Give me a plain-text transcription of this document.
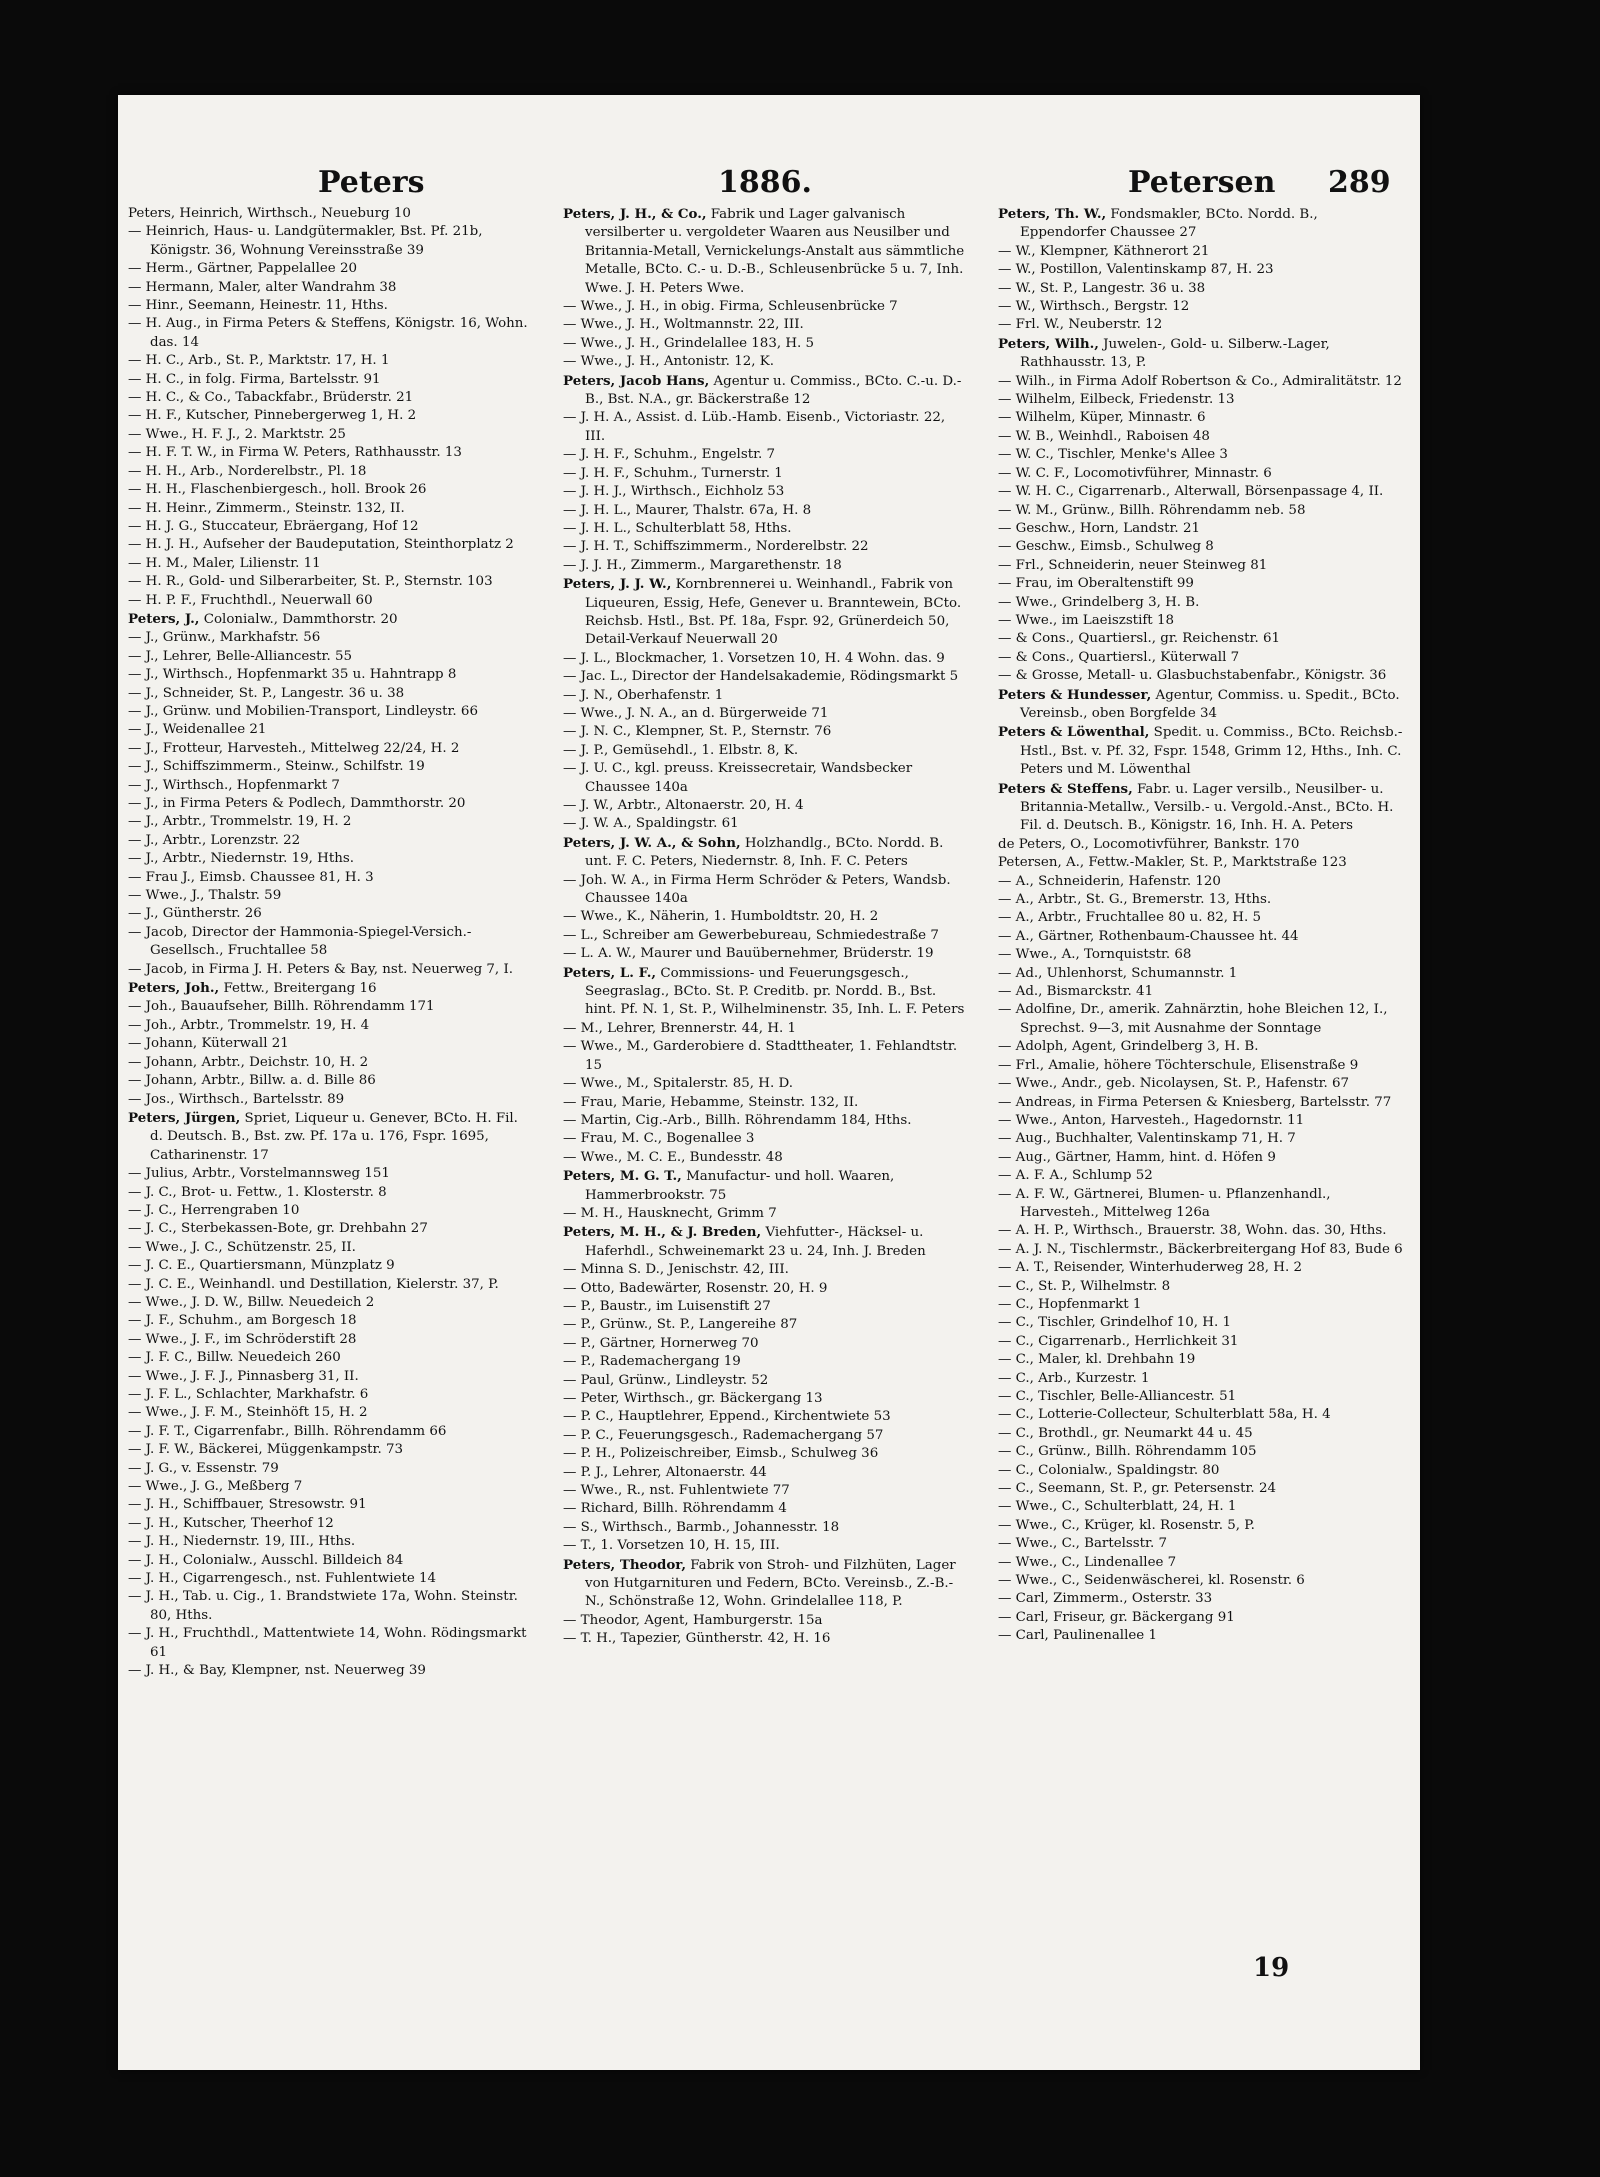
Peters	1886.	Petersen 289
Peters, Heinrich, Wirthsch., Neueburg 10
— Heinrich, Haus- u. Landgütermakler, Bst. Pf. 21b, Königstr. 36, Wohnung Vereinsstraße 39
— Herm., Gärtner, Pappelallee 20
— Hermann, Maler, alter Wandrahm 38
— Hinr., Seemann, Heinestr. 11, Hths.
— H. Aug., in Firma Peters & Steffens, Königstr. 16, Wohn. das. 14
— H. C., Arb., St. P., Marktstr. 17, H. 1
— H. C., in folg. Firma, Bartelsstr. 91
— H. C., & Co., Tabackfabr., Brüderstr. 21
— H. F., Kutscher, Pinnebergerweg 1, H. 2
— Wwe., H. F. J., 2. Marktstr. 25
— H. F. T. W., in Firma W. Peters, Rathhausstr. 13
— H. H., Arb., Norderelbstr., Pl. 18
— H. H., Flaschenbiergesch., holl. Brook 26
— H. Heinr., Zimmerm., Steinstr. 132, II.
— H. J. G., Stuccateur, Ebräergang, Hof 12
— H. J. H., Aufseher der Baudeputation, Steinthorplatz 2
— H. M., Maler, Lilienstr. 11
— H. R., Gold- und Silberarbeiter, St. P., Sternstr. 103
— H. P. F., Fruchthdl., Neuerwall 60
Peters, J., Colonialw., Dammthorstr. 20
— J., Grünw., Markhafstr. 56
— J., Lehrer, Belle-Alliancestr. 55
— J., Wirthsch., Hopfenmarkt 35 u. Hahntrapp 8
— J., Schneider, St. P., Langestr. 36 u. 38
— J., Grünw. und Mobilien-Transport, Lindleystr. 66
— J., Weidenallee 21
— J., Frotteur, Harvesteh., Mittelweg 22/24, H. 2
— J., Schiffszimmerm., Steinw., Schilfstr. 19
— J., Wirthsch., Hopfenmarkt 7
— J., in Firma Peters & Podlech, Dammthorstr. 20
— J., Arbtr., Trommelstr. 19, H. 2
— J., Arbtr., Lorenzstr. 22
— J., Arbtr., Niedernstr. 19, Hths.
— Frau J., Eimsb. Chaussee 81, H. 3
— Wwe., J., Thalstr. 59
— J., Güntherstr. 26
— Jacob, Director der Hammonia-Spiegel-Versich.-Gesellsch., Fruchtallee 58
— Jacob, in Firma J. H. Peters & Bay, nst. Neuerweg 7, I.
Peters, Joh., Fettw., Breitergang 16
— Joh., Bauaufseher, Billh. Röhrendamm 171
— Joh., Arbtr., Trommelstr. 19, H. 4
— Johann, Küterwall 21
— Johann, Arbtr., Deichstr. 10, H. 2
— Johann, Arbtr., Billw. a. d. Bille 86
— Jos., Wirthsch., Bartelsstr. 89
Peters, Jürgen, Spriet, Liqueur u. Genever, BCto. H. Fil. d. Deutsch. B., Bst. zw. Pf. 17a u. 176, Fspr. 1695, Catharinenstr. 17
— Julius, Arbtr., Vorstelmannsweg 151
— J. C., Brot- u. Fettw., 1. Klosterstr. 8
— J. C., Herrengraben 10
— J. C., Sterbekassen-Bote, gr. Drehbahn 27
— Wwe., J. C., Schützenstr. 25, II.
— J. C. E., Quartiersmann, Münzplatz 9
— J. C. E., Weinhandl. und Destillation, Kielerstr. 37, P.
— Wwe., J. D. W., Billw. Neuedeich 2
— J. F., Schuhm., am Borgesch 18
— Wwe., J. F., im Schröderstift 28
— J. F. C., Billw. Neuedeich 260
— Wwe., J. F. J., Pinnasberg 31, II.
— J. F. L., Schlachter, Markhafstr. 6
— Wwe., J. F. M., Steinhöft 15, H. 2
— J. F. T., Cigarrenfabr., Billh. Röhrendamm 66
— J. F. W., Bäckerei, Müggenkampstr. 73
— J. G., v. Essenstr. 79
— Wwe., J. G., Meßberg 7
— J. H., Schiffbauer, Stresowstr. 91
— J. H., Kutscher, Theerhof 12
— J. H., Niedernstr. 19, III., Hths.
— J. H., Colonialw., Ausschl. Billdeich 84
— J. H., Cigarrengesch., nst. Fuhlentwiete 14
— J. H., Tab. u. Cig., 1. Brandstwiete 17a, Wohn. Steinstr. 80, Hths.
— J. H., Fruchthdl., Mattentwiete 14, Wohn. Rödingsmarkt 61
— J. H., & Bay, Klempner, nst. Neuerweg 39
Peters, J. H., & Co., Fabrik und Lager galvanisch versilberter u. vergoldeter Waaren aus Neusilber und Britannia-Metall, Vernickelungs-Anstalt aus sämmtliche Metalle, BCto. C.- u. D.-B., Schleusenbrücke 5 u. 7, Inh. Wwe. J. H. Peters Wwe.
— Wwe., J. H., in obig. Firma, Schleusenbrücke 7
— Wwe., J. H., Woltmannstr. 22, III.
— Wwe., J. H., Grindelallee 183, H. 5
— Wwe., J. H., Antonistr. 12, K.
Peters, Jacob Hans, Agentur u. Commiss., BCto. C.-u. D.-B., Bst. N.A., gr. Bäckerstraße 12
— J. H. A., Assist. d. Lüb.-Hamb. Eisenb., Victoriastr. 22, III.
— J. H. F., Schuhm., Engelstr. 7
— J. H. F., Schuhm., Turnerstr. 1
— J. H. J., Wirthsch., Eichholz 53
— J. H. L., Maurer, Thalstr. 67a, H. 8
— J. H. L., Schulterblatt 58, Hths.
— J. H. T., Schiffszimmerm., Norderelbstr. 22
— J. J. H., Zimmerm., Margarethenstr. 18
Peters, J. J. W., Kornbrennerei u. Weinhandl., Fabrik von Liqueuren, Essig, Hefe, Genever u. Branntewein, BCto. Reichsb. Hstl., Bst. Pf. 18a, Fspr. 92, Grünerdeich 50, Detail-Verkauf Neuerwall 20
— J. L., Blockmacher, 1. Vorsetzen 10, H. 4 Wohn. das. 9
— Jac. L., Director der Handelsakademie, Rödingsmarkt 5
— J. N., Oberhafenstr. 1
— Wwe., J. N. A., an d. Bürgerweide 71
— J. N. C., Klempner, St. P., Sternstr. 76
— J. P., Gemüsehdl., 1. Elbstr. 8, K.
— J. U. C., kgl. preuss. Kreissecretair, Wandsbecker Chaussee 140a
— J. W., Arbtr., Altonaerstr. 20, H. 4
— J. W. A., Spaldingstr. 61
Peters, J. W. A., & Sohn, Holzhandlg., BCto. Nordd. B. unt. F. C. Peters, Niedernstr. 8, Inh. F. C. Peters
— Joh. W. A., in Firma Herm Schröder & Peters, Wandsb. Chaussee 140a
— Wwe., K., Näherin, 1. Humboldtstr. 20, H. 2
— L., Schreiber am Gewerbebureau, Schmiedestraße 7
— L. A. W., Maurer und Bauübernehmer, Brüderstr. 19
Peters, L. F., Commissions- und Feuerungsgesch., Seegraslag., BCto. St. P. Creditb. pr. Nordd. B., Bst. hint. Pf. N. 1, St. P., Wilhelminenstr. 35, Inh. L. F. Peters
— M., Lehrer, Brennerstr. 44, H. 1
— Wwe., M., Garderobiere d. Stadttheater, 1. Fehlandtstr. 15
— Wwe., M., Spitalerstr. 85, H. D.
— Frau, Marie, Hebamme, Steinstr. 132, II.
— Martin, Cig.-Arb., Billh. Röhrendamm 184, Hths.
— Frau, M. C., Bogenallee 3
— Wwe., M. C. E., Bundesstr. 48
Peters, M. G. T., Manufactur- und holl. Waaren, Hammerbrookstr. 75
— M. H., Hausknecht, Grimm 7
Peters, M. H., & J. Breden, Viehfutter-, Häcksel- u. Haferhdl., Schweinemarkt 23 u. 24, Inh. J. Breden
— Minna S. D., Jenischstr. 42, III.
— Otto, Badewärter, Rosenstr. 20, H. 9
— P., Baustr., im Luisenstift 27
— P., Grünw., St. P., Langereihe 87
— P., Gärtner, Hornerweg 70
— P., Rademachergang 19
— Paul, Grünw., Lindleystr. 52
— Peter, Wirthsch., gr. Bäckergang 13
— P. C., Hauptlehrer, Eppend., Kirchentwiete 53
— P. C., Feuerungsgesch., Rademachergang 57
— P. H., Polizeischreiber, Eimsb., Schulweg 36
— P. J., Lehrer, Altonaerstr. 44
— Wwe., R., nst. Fuhlentwiete 77
— Richard, Billh. Röhrendamm 4
— S., Wirthsch., Barmb., Johannesstr. 18
— T., 1. Vorsetzen 10, H. 15, III.
Peters, Theodor, Fabrik von Stroh- und Filzhüten, Lager von Hutgarnituren und Federn, BCto. Vereinsb., Z.-B.-N., Schönstraße 12, Wohn. Grindelallee 118, P.
— Theodor, Agent, Hamburgerstr. 15a
— T. H., Tapezier, Güntherstr. 42, H. 16
Peters, Th. W., Fondsmakler, BCto. Nordd. B., Eppendorfer Chaussee 27
— W., Klempner, Käthnerort 21
— W., Postillon, Valentinskamp 87, H. 23
— W., St. P., Langestr. 36 u. 38
— W., Wirthsch., Bergstr. 12
— Frl. W., Neuberstr. 12
Peters, Wilh., Juwelen-, Gold- u. Silberw.-Lager, Rathhausstr. 13, P.
— Wilh., in Firma Adolf Robertson & Co., Admiralitätstr. 12
— Wilhelm, Eilbeck, Friedenstr. 13
— Wilhelm, Küper, Minnastr. 6
— W. B., Weinhdl., Raboisen 48
— W. C., Tischler, Menke's Allee 3
— W. C. F., Locomotivführer, Minnastr. 6
— W. H. C., Cigarrenarb., Alterwall, Börsenpassage 4, II.
— W. M., Grünw., Billh. Röhrendamm neb. 58
— Geschw., Horn, Landstr. 21
— Geschw., Eimsb., Schulweg 8
— Frl., Schneiderin, neuer Steinweg 81
— Frau, im Oberaltenstift 99
— Wwe., Grindelberg 3, H. B.
— Wwe., im Laeiszstift 18
— & Cons., Quartiersl., gr. Reichenstr. 61
— & Cons., Quartiersl., Küterwall 7
— & Grosse, Metall- u. Glasbuchstabenfabr., Königstr. 36
Peters & Hundesser, Agentur, Commiss. u. Spedit., BCto. Vereinsb., oben Borgfelde 34
Peters & Löwenthal, Spedit. u. Commiss., BCto. Reichsb.-Hstl., Bst. v. Pf. 32, Fspr. 1548, Grimm 12, Hths., Inh. C. Peters und M. Löwenthal
Peters & Steffens, Fabr. u. Lager versilb., Neusilber- u. Britannia-Metallw., Versilb.- u. Vergold.-Anst., BCto. H. Fil. d. Deutsch. B., Königstr. 16, Inh. H. A. Peters
de Peters, O., Locomotivführer, Bankstr. 170
Petersen, A., Fettw.-Makler, St. P., Marktstraße 123
— A., Schneiderin, Hafenstr. 120
— A., Arbtr., St. G., Bremerstr. 13, Hths.
— A., Arbtr., Fruchtallee 80 u. 82, H. 5
— A., Gärtner, Rothenbaum-Chaussee ht. 44
— Wwe., A., Tornquiststr. 68
— Ad., Uhlenhorst, Schumannstr. 1
— Ad., Bismarckstr. 41
— Adolfine, Dr., amerik. Zahnärztin, hohe Bleichen 12, I., Sprechst. 9—3, mit Ausnahme der Sonntage
— Adolph, Agent, Grindelberg 3, H. B.
— Frl., Amalie, höhere Töchterschule, Elisenstraße 9
— Wwe., Andr., geb. Nicolaysen, St. P., Hafenstr. 67
— Andreas, in Firma Petersen & Kniesberg, Bartelsstr. 77
— Wwe., Anton, Harvesteh., Hagedornstr. 11
— Aug., Buchhalter, Valentinskamp 71, H. 7
— Aug., Gärtner, Hamm, hint. d. Höfen 9
— A. F. A., Schlump 52
— A. F. W., Gärtnerei, Blumen- u. Pflanzenhandl., Harvesteh., Mittelweg 126a
— A. H. P., Wirthsch., Brauerstr. 38, Wohn. das. 30, Hths.
— A. J. N., Tischlermstr., Bäckerbreitergang Hof 83, Bude 6
— A. T., Reisender, Winterhuderweg 28, H. 2
— C., St. P., Wilhelmstr. 8
— C., Hopfenmarkt 1
— C., Tischler, Grindelhof 10, H. 1
— C., Cigarrenarb., Herrlichkeit 31
— C., Maler, kl. Drehbahn 19
— C., Arb., Kurzestr. 1
— C., Tischler, Belle-Alliancestr. 51
— C., Lotterie-Collecteur, Schulterblatt 58a, H. 4
— C., Brothdl., gr. Neumarkt 44 u. 45
— C., Grünw., Billh. Röhrendamm 105
— C., Colonialw., Spaldingstr. 80
— C., Seemann, St. P., gr. Petersenstr. 24
— Wwe., C., Schulterblatt, 24, H. 1
— Wwe., C., Krüger, kl. Rosenstr. 5, P.
— Wwe., C., Bartelsstr. 7
— Wwe., C., Lindenallee 7
— Wwe., C., Seidenwäscherei, kl. Rosenstr. 6
— Carl, Zimmerm., Osterstr. 33
— Carl, Friseur, gr. Bäckergang 91
— Carl, Paulinenallee 1
19
